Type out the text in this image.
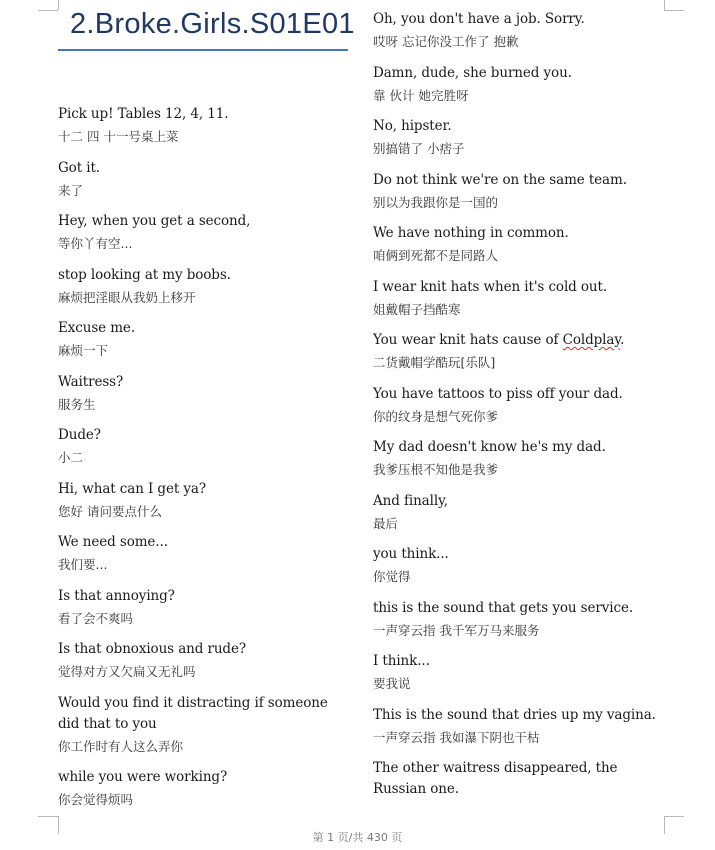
2.Broke.Girls.S01E01
Pick up! Tables 12, 4, 11.
十二 四 十一号桌上菜
Got it.
来了
Hey, when you get a second,
等你丫有空...
stop looking at my boobs.
麻烦把淫眼从我奶上移开
Excuse me.
麻烦一下
Waitress?
服务生
Dude?
小二
Hi, what can I get ya?
您好 请问要点什么
We need some...
我们要...
Is that annoying?
看了会不爽吗
Is that obnoxious and rude?
觉得对方又欠扁又无礼吗
Would you find it distracting if someone did that to you
你工作时有人这么弄你
while you were working?
你会觉得烦吗
Oh, you don't have a job. Sorry.
哎呀 忘记你没工作了 抱歉
Damn, dude, she burned you.
靠 伙计 她完胜呀
No, hipster.
别搞错了 小痞子
Do not think we're on the same team.
别以为我跟你是一国的
We have nothing in common.
咱俩到死都不是同路人
I wear knit hats when it's cold out.
姐戴帽子挡酷寒
You wear knit hats cause of Coldplay.
二货戴帽学酷玩[乐队]
You have tattoos to piss off your dad.
你的纹身是想气死你爹
My dad doesn't know he's my dad.
我爹压根不知他是我爹
And finally,
最后
you think...
你觉得
this is the sound that gets you service.
一声穿云指 我千军万马来服务
I think...
要我说
This is the sound that dries up my vagina.
一声穿云指 我如瀑下阴也干枯
The other waitress disappeared, the Russian one.
第 1 页/共 430 页
